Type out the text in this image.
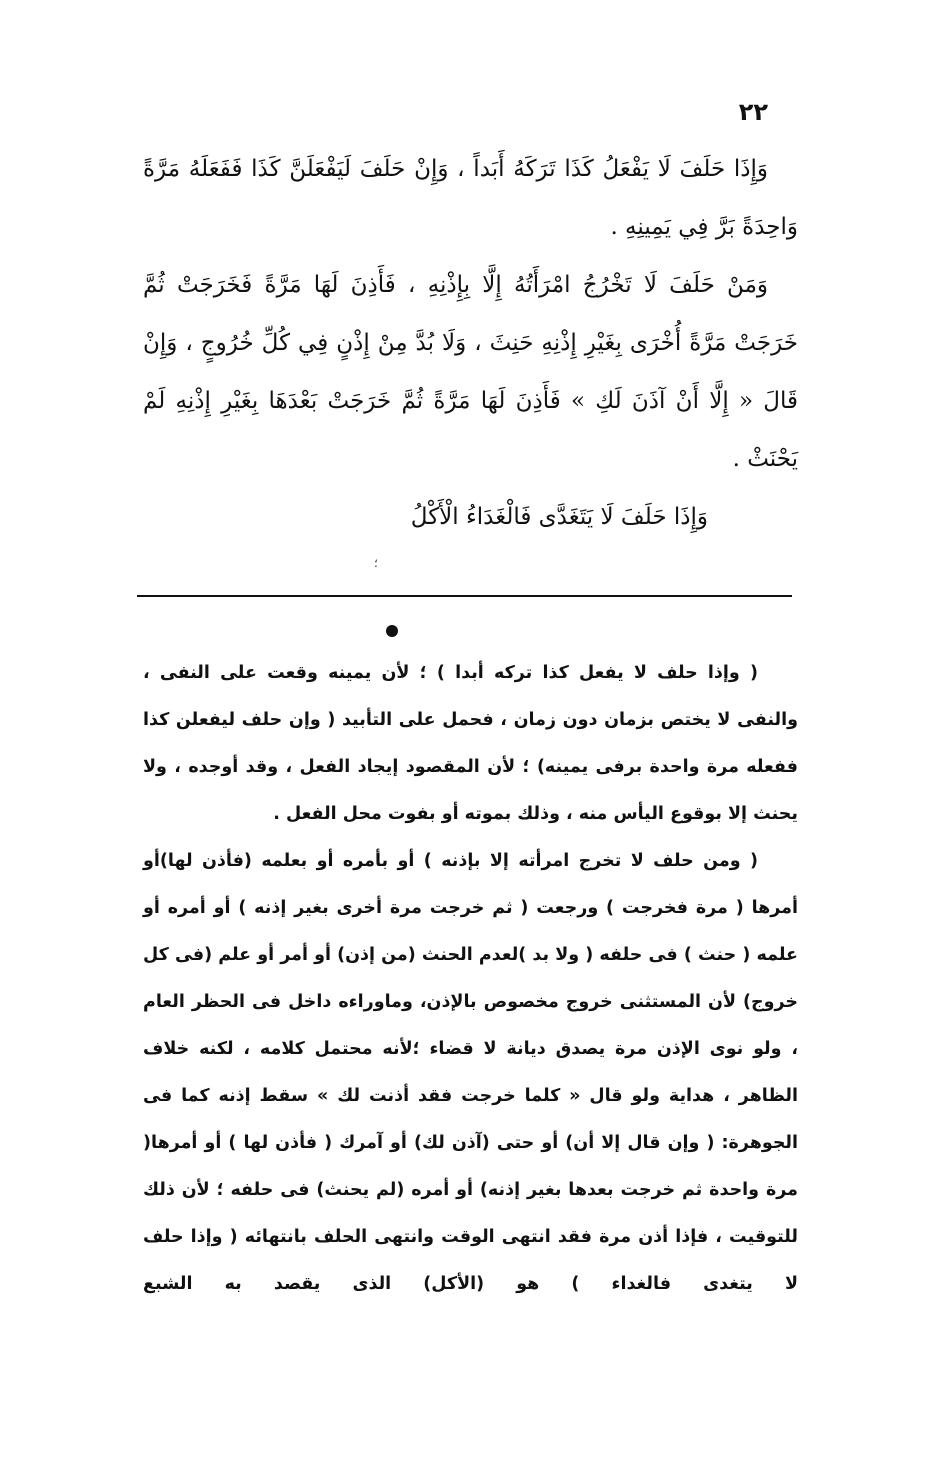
٢٢

وَإِذَا حَلَفَ لَا يَفْعَلُ كَذَا تَرَكَهُ أَبَداً ، وَإِنْ حَلَفَ لَيَفْعَلَنَّ كَذَا فَفَعَلَهُ مَرَّةً وَاحِدَةً بَرَّ فِي يَمِينِهِ .

وَمَنْ حَلَفَ لَا تَخْرُجُ امْرَأَتُهُ إِلَّا بِإِذْنِهِ ، فَأَذِنَ لَهَا مَرَّةً فَخَرَجَتْ ثُمَّ خَرَجَتْ مَرَّةً أُخْرَى بِغَيْرِ إِذْنِهِ حَنِثَ ، وَلَا بُدَّ مِنْ إِذْنٍ فِي كُلِّ خُرُوجٍ ، وَإِنْ قَالَ « إِلَّا أَنْ آذَنَ لَكِ » فَأَذِنَ لَهَا مَرَّةً ثُمَّ خَرَجَتْ بَعْدَهَا بِغَيْرِ إِذْنِهِ لَمْ يَحْنَثْ .

وَإِذَا حَلَفَ لَا يَتَغَدَّى فَالْغَدَاءُ الْأَكْلُ

؛

( وإذا حلف لا يفعل كذا تركه أبدا ) ؛ لأن يمينه وقعت على النفى ، والنفى لا يختص بزمان دون زمان ، فحمل على التأبيد ( وإن حلف ليفعلن كذا ففعله مرة واحدة برفى يمينه) ؛ لأن المقصود إيجاد الفعل ، وقد أوجده ، ولا يحنث إلا بوقوع اليأس منه ، وذلك بموته أو بفوت محل الفعل .

( ومن حلف لا تخرج امرأته إلا بإذنه ) أو بأمره أو بعلمه (فأذن لها)أو أمرها ( مرة فخرجت ) ورجعت ( ثم خرجت مرة أخرى بغير إذنه ) أو أمره أو علمه ( حنث ) فى حلفه ( ولا بد )لعدم الحنث (من إذن) أو أمر أو علم (فى كل خروج) لأن المستثنى خروج مخصوص بالإذن، وماوراءه داخل فى الحظر العام ، ولو نوى الإذن مرة يصدق ديانة لا قضاء ؛لأنه محتمل كلامه ، لكنه خلاف الظاهر ، هداية ولو قال « كلما خرجت فقد أذنت لك » سقط إذنه كما فى الجوهرة: ( وإن قال إلا أن) أو حتى (آذن لك) أو آمرك ( فأذن لها ) أو أمرها( مرة واحدة ثم خرجت بعدها بغير إذنه) أو أمره (لم يحنث) فى حلفه ؛ لأن ذلك للتوقيت ، فإذا أذن مرة فقد انتهى الوقت وانتهى الحلف بانتهائه ( وإذا حلف لا يتغدى فالغداء ) هو (الأكل) الذى يقصد به الشبع
